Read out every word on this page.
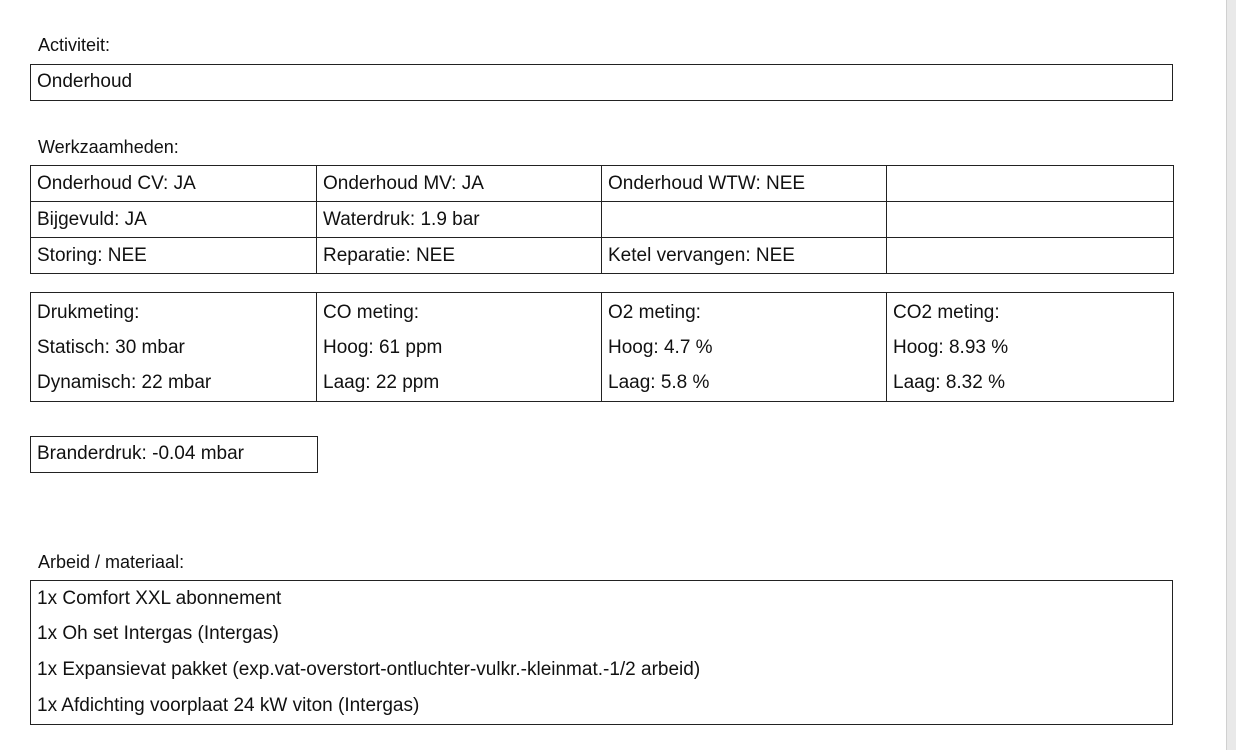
Activiteit:
Onderhoud
Werkzaamheden:
Onderhoud CV: JA	Onderhoud MV: JA	Onderhoud WTW: NEE	
Bijgevuld: JA	Waterdruk: 1.9 bar		
Storing: NEE	Reparatie: NEE	Ketel vervangen: NEE	
Drukmeting:
Statisch: 30 mbar
Dynamisch: 22 mbar

CO meting:
Hoog: 61 ppm
Laag: 22 ppm

O2 meting:
Hoog: 4.7 %
Laag: 5.8 %

CO2 meting:
Hoog: 8.93 %
Laag: 8.32 %
Branderdruk: -0.04 mbar
Arbeid / materiaal:
1x Comfort XXL abonnement
1x Oh set Intergas (Intergas)
1x Expansievat pakket (exp.vat-overstort-ontluchter-vulkr.-kleinmat.-1/2 arbeid)
1x Afdichting voorplaat 24 kW viton (Intergas)
